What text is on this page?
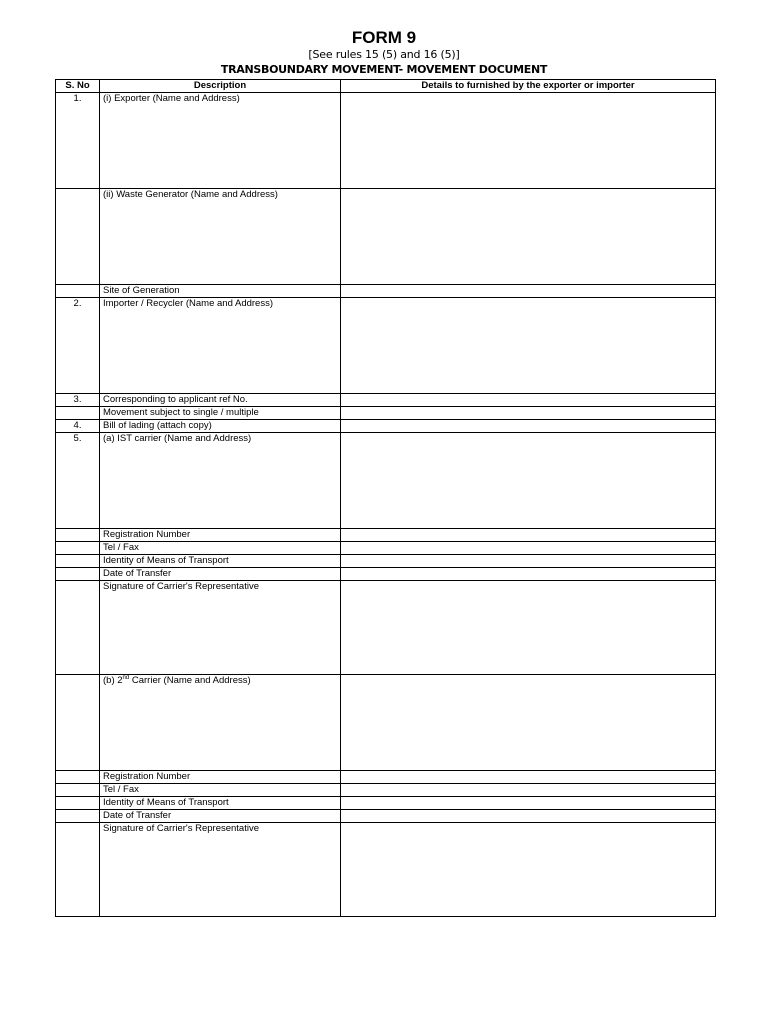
FORM 9
[See rules 15 (5) and 16 (5)]
TRANSBOUNDARY MOVEMENT- MOVEMENT DOCUMENT
S. No	Description	Details to furnished by the exporter or importer
1.	(i) Exporter (Name and Address)	
	(ii) Waste Generator (Name and Address)	
	Site of Generation	
2.	Importer / Recycler (Name and Address)	
3.	Corresponding to applicant ref No.	
	Movement subject to single / multiple	
4.	Bill of lading (attach copy)	
5.	(a) IST carrier (Name and Address)	
	Registration Number	
	Tel / Fax	
	Identity of Means of Transport	
	Date of Transfer	
	Signature of Carrier's Representative	
	(b) 2nd Carrier (Name and Address)	
	Registration Number	
	Tel / Fax	
	Identity of Means of Transport	
	Date of Transfer	
	Signature of Carrier's Representative	
